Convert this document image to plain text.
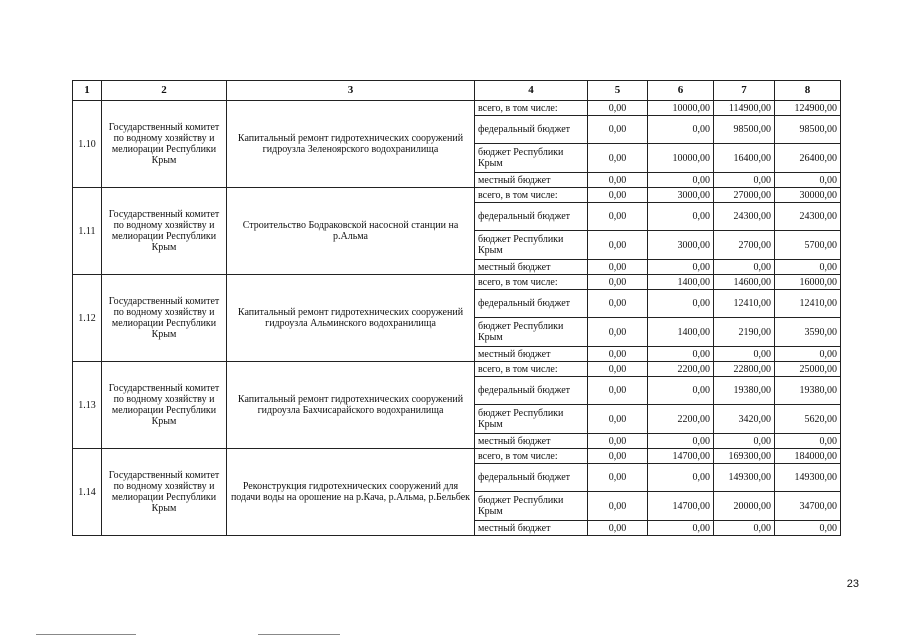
1	2	3	4	5	6	7	8
1.10	Государственный комитет по водному хозяйству и мелиорации Республики Крым	Капитальный ремонт гидротехнических сооружений гидроузла Зеленоярского водохранилища	всего, в том числе:	0,00	10000,00	114900,00	124900,00
			федеральный бюджет	0,00	0,00	98500,00	98500,00
			бюджет Республики Крым	0,00	10000,00	16400,00	26400,00
			местный бюджет	0,00	0,00	0,00	0,00
1.11	Государственный комитет по водному хозяйству и мелиорации Республики Крым	Строительство Бодраковской насосной станции на р.Альма	всего, в том числе:	0,00	3000,00	27000,00	30000,00
			федеральный бюджет	0,00	0,00	24300,00	24300,00
			бюджет Республики Крым	0,00	3000,00	2700,00	5700,00
			местный бюджет	0,00	0,00	0,00	0,00
1.12	Государственный комитет по водному хозяйству и мелиорации Республики Крым	Капитальный ремонт гидротехнических сооружений гидроузла Альминского водохранилища	всего, в том числе:	0,00	1400,00	14600,00	16000,00
			федеральный бюджет	0,00	0,00	12410,00	12410,00
			бюджет Республики Крым	0,00	1400,00	2190,00	3590,00
			местный бюджет	0,00	0,00	0,00	0,00
1.13	Государственный комитет по водному хозяйству и мелиорации Республики Крым	Капитальный ремонт гидротехнических сооружений гидроузла Бахчисарайского водохранилища	всего, в том числе:	0,00	2200,00	22800,00	25000,00
			федеральный бюджет	0,00	0,00	19380,00	19380,00
			бюджет Республики Крым	0,00	2200,00	3420,00	5620,00
			местный бюджет	0,00	0,00	0,00	0,00
1.14	Государственный комитет по водному хозяйству и мелиорации Республики Крым	Реконструкция гидротехнических сооружений для подачи воды на орошение на р.Кача, р.Альма, р.Бельбек	всего, в том числе:	0,00	14700,00	169300,00	184000,00
			федеральный бюджет	0,00	0,00	149300,00	149300,00
			бюджет Республики Крым	0,00	14700,00	20000,00	34700,00
			местный бюджет	0,00	0,00	0,00	0,00
23
